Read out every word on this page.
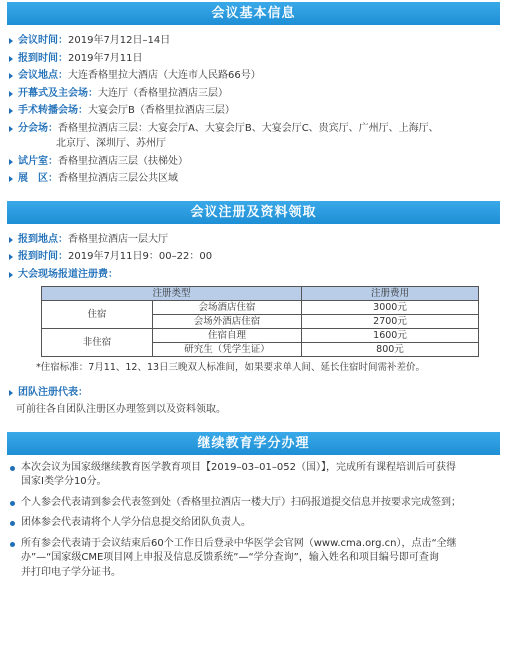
会议基本信息
会议时间： 2019年7月12日–14日
报到时间： 2019年7月11日
会议地点： 大连香格里拉大酒店（大连市人民路66号）
开幕式及主会场： 大连厅（香格里拉酒店三层）
手术转播会场： 大宴会厅B（香格里拉酒店三层）
分会场： 香格里拉酒店三层：大宴会厅A、大宴会厅B、大宴会厅C、贵宾厅、广州厅、上海厅、
北京厅、深圳厅、苏州厅
试片室： 香格里拉酒店三层（扶梯处）
展　区： 香格里拉酒店三层公共区域
会议注册及资料领取
报到地点： 香格里拉酒店一层大厅
报到时间： 2019年7月11日9：00–22：00
大会现场报道注册费：
注册类型		注册费用
住宿	会场酒店住宿	3000元
	会场外酒店住宿	2700元
非住宿	住宿自理	1600元
	研究生（凭学生证）	800元
*住宿标准：7月11、12、13日三晚双人标准间，如果要求单人间、延长住宿时间需补差价。
团队注册代表：
可前往各自团队注册区办理签到以及资料领取。
继续教育学分办理
本次会议为国家级继续教育医学教育项目【2019–03–01–052（国）】，完成所有课程培训后可获得
国家Ⅰ类学分10分。
个人参会代表请到参会代表签到处（香格里拉酒店一楼大厅）扫码报道提交信息并按要求完成签到；
团体参会代表请将个人学分信息提交给团队负责人。
所有参会代表请于会议结束后60个工作日后登录中华医学会官网（www.cma.org.cn），点击“全继
办”—“国家级CME项目网上申报及信息反馈系统”—“学分查询”，输入姓名和项目编号即可查询
并打印电子学分证书。
